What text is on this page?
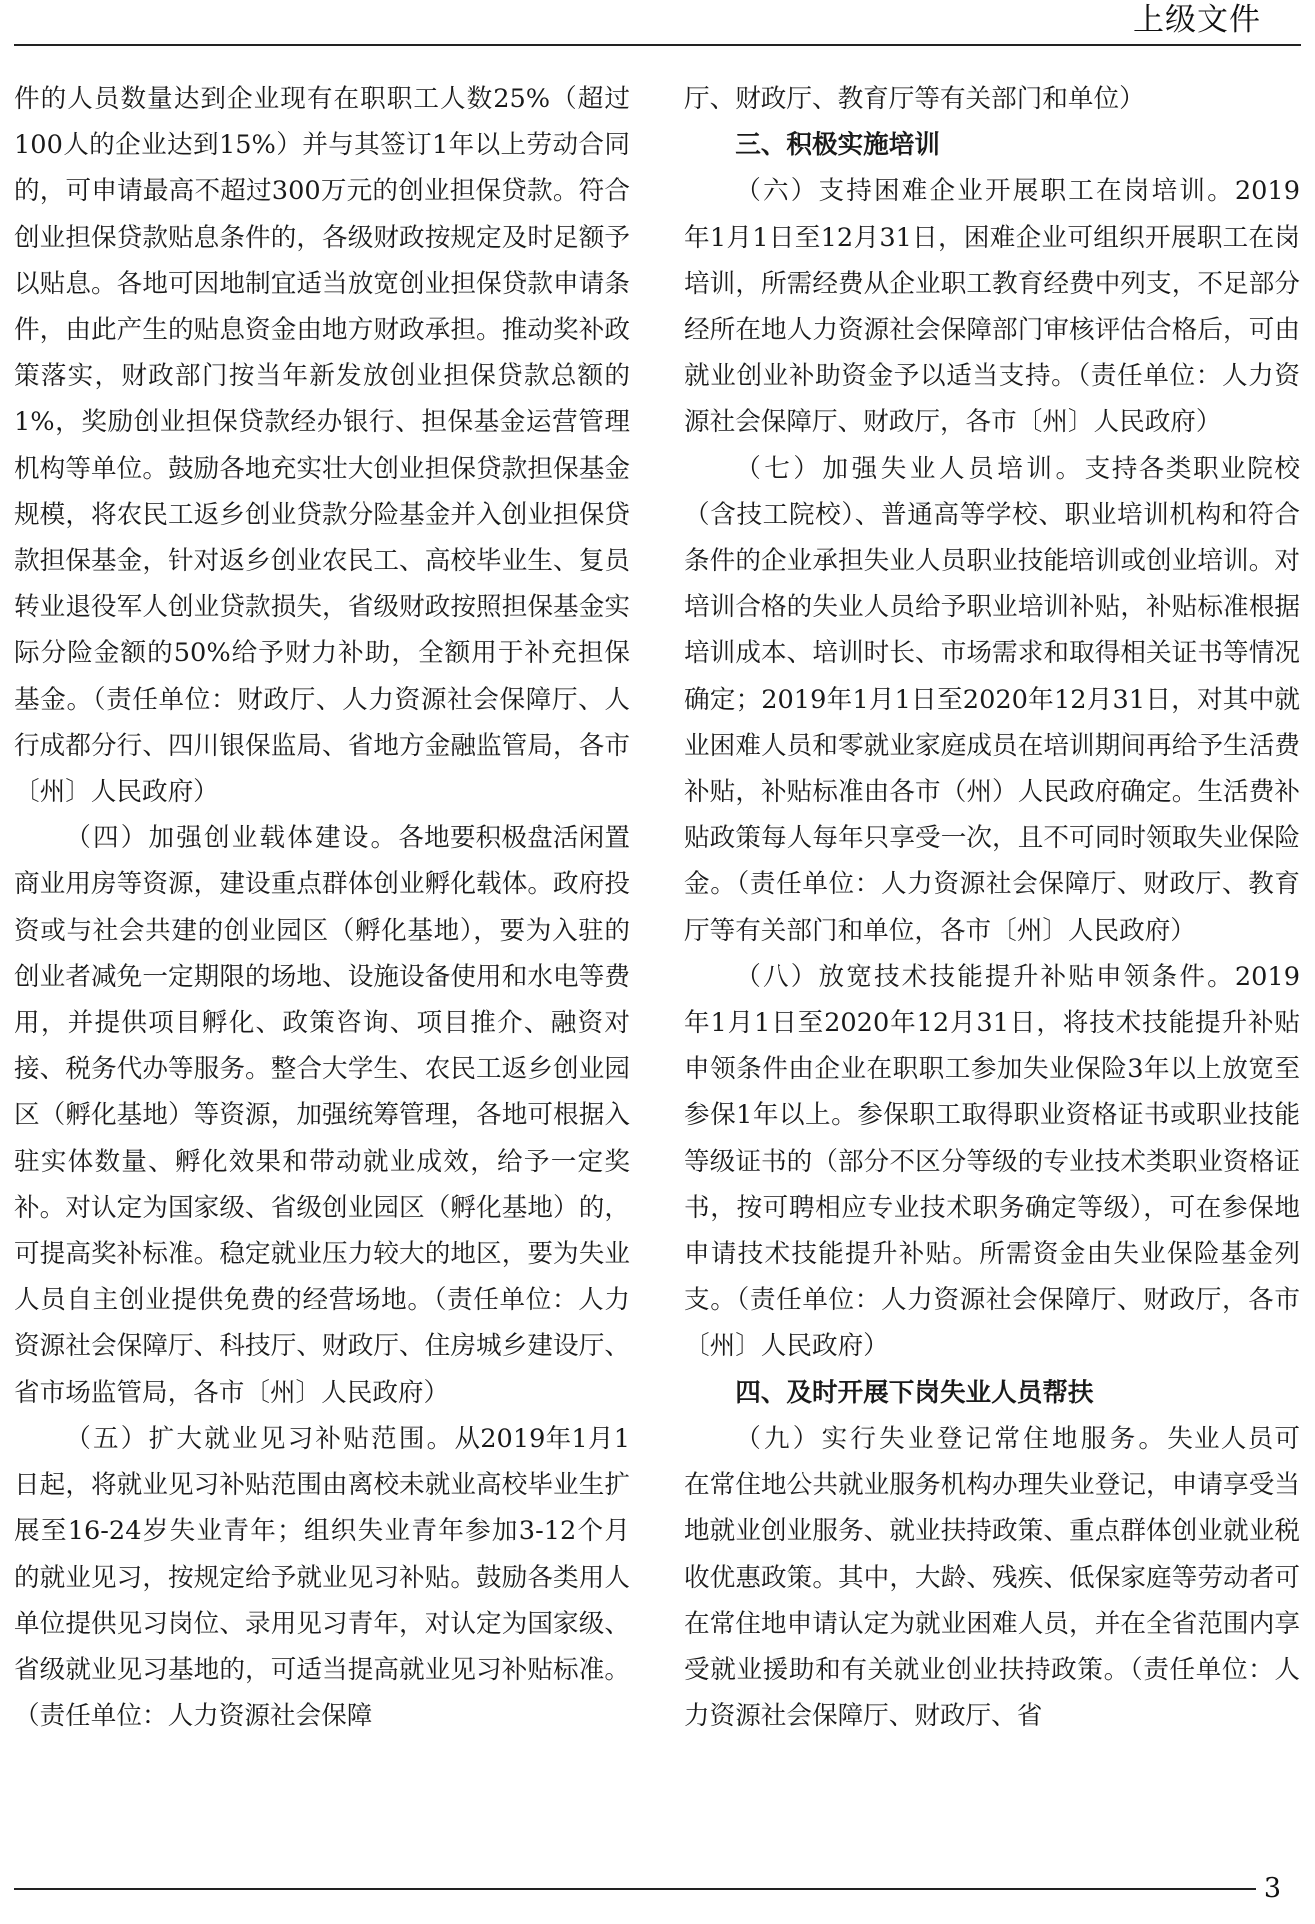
上级文件

件的人员数量达到企业现有在职职工人数25%（超过100人的企业达到15%）并与其签订1年以上劳动合同的，可申请最高不超过300万元的创业担保贷款。符合创业担保贷款贴息条件的，各级财政按规定及时足额予以贴息。各地可因地制宜适当放宽创业担保贷款申请条件，由此产生的贴息资金由地方财政承担。推动奖补政策落实，财政部门按当年新发放创业担保贷款总额的1%，奖励创业担保贷款经办银行、担保基金运营管理机构等单位。鼓励各地充实壮大创业担保贷款担保基金规模，将农民工返乡创业贷款分险基金并入创业担保贷款担保基金，针对返乡创业农民工、高校毕业生、复员转业退役军人创业贷款损失，省级财政按照担保基金实际分险金额的50%给予财力补助，全额用于补充担保基金。（责任单位：财政厅、人力资源社会保障厅、人行成都分行、四川银保监局、省地方金融监管局，各市〔州〕人民政府）

（四）加强创业载体建设。各地要积极盘活闲置商业用房等资源，建设重点群体创业孵化载体。政府投资或与社会共建的创业园区（孵化基地），要为入驻的创业者减免一定期限的场地、设施设备使用和水电等费用，并提供项目孵化、政策咨询、项目推介、融资对接、税务代办等服务。整合大学生、农民工返乡创业园区（孵化基地）等资源，加强统筹管理，各地可根据入驻实体数量、孵化效果和带动就业成效，给予一定奖补。对认定为国家级、省级创业园区（孵化基地）的，可提高奖补标准。稳定就业压力较大的地区，要为失业人员自主创业提供免费的经营场地。（责任单位：人力资源社会保障厅、科技厅、财政厅、住房城乡建设厅、省市场监管局，各市〔州〕人民政府）

（五）扩大就业见习补贴范围。从2019年1月1日起，将就业见习补贴范围由离校未就业高校毕业生扩展至16-24岁失业青年；组织失业青年参加3-12个月的就业见习，按规定给予就业见习补贴。鼓励各类用人单位提供见习岗位、录用见习青年，对认定为国家级、省级就业见习基地的，可适当提高就业见习补贴标准。（责任单位：人力资源社会保障

厅、财政厅、教育厅等有关部门和单位）

三、积极实施培训

（六）支持困难企业开展职工在岗培训。2019年1月1日至12月31日，困难企业可组织开展职工在岗培训，所需经费从企业职工教育经费中列支，不足部分经所在地人力资源社会保障部门审核评估合格后，可由就业创业补助资金予以适当支持。（责任单位：人力资源社会保障厅、财政厅，各市〔州〕人民政府）

（七）加强失业人员培训。支持各类职业院校（含技工院校）、普通高等学校、职业培训机构和符合条件的企业承担失业人员职业技能培训或创业培训。对培训合格的失业人员给予职业培训补贴，补贴标准根据培训成本、培训时长、市场需求和取得相关证书等情况确定；2019年1月1日至2020年12月31日，对其中就业困难人员和零就业家庭成员在培训期间再给予生活费补贴，补贴标准由各市（州）人民政府确定。生活费补贴政策每人每年只享受一次，且不可同时领取失业保险金。（责任单位：人力资源社会保障厅、财政厅、教育厅等有关部门和单位，各市〔州〕人民政府）

（八）放宽技术技能提升补贴申领条件。2019年1月1日至2020年12月31日，将技术技能提升补贴申领条件由企业在职职工参加失业保险3年以上放宽至参保1年以上。参保职工取得职业资格证书或职业技能等级证书的（部分不区分等级的专业技术类职业资格证书，按可聘相应专业技术职务确定等级），可在参保地申请技术技能提升补贴。所需资金由失业保险基金列支。（责任单位：人力资源社会保障厅、财政厅，各市〔州〕人民政府）

四、及时开展下岗失业人员帮扶

（九）实行失业登记常住地服务。失业人员可在常住地公共就业服务机构办理失业登记，申请享受当地就业创业服务、就业扶持政策、重点群体创业就业税收优惠政策。其中，大龄、残疾、低保家庭等劳动者可在常住地申请认定为就业困难人员，并在全省范围内享受就业援助和有关就业创业扶持政策。（责任单位：人力资源社会保障厅、财政厅、省

3
